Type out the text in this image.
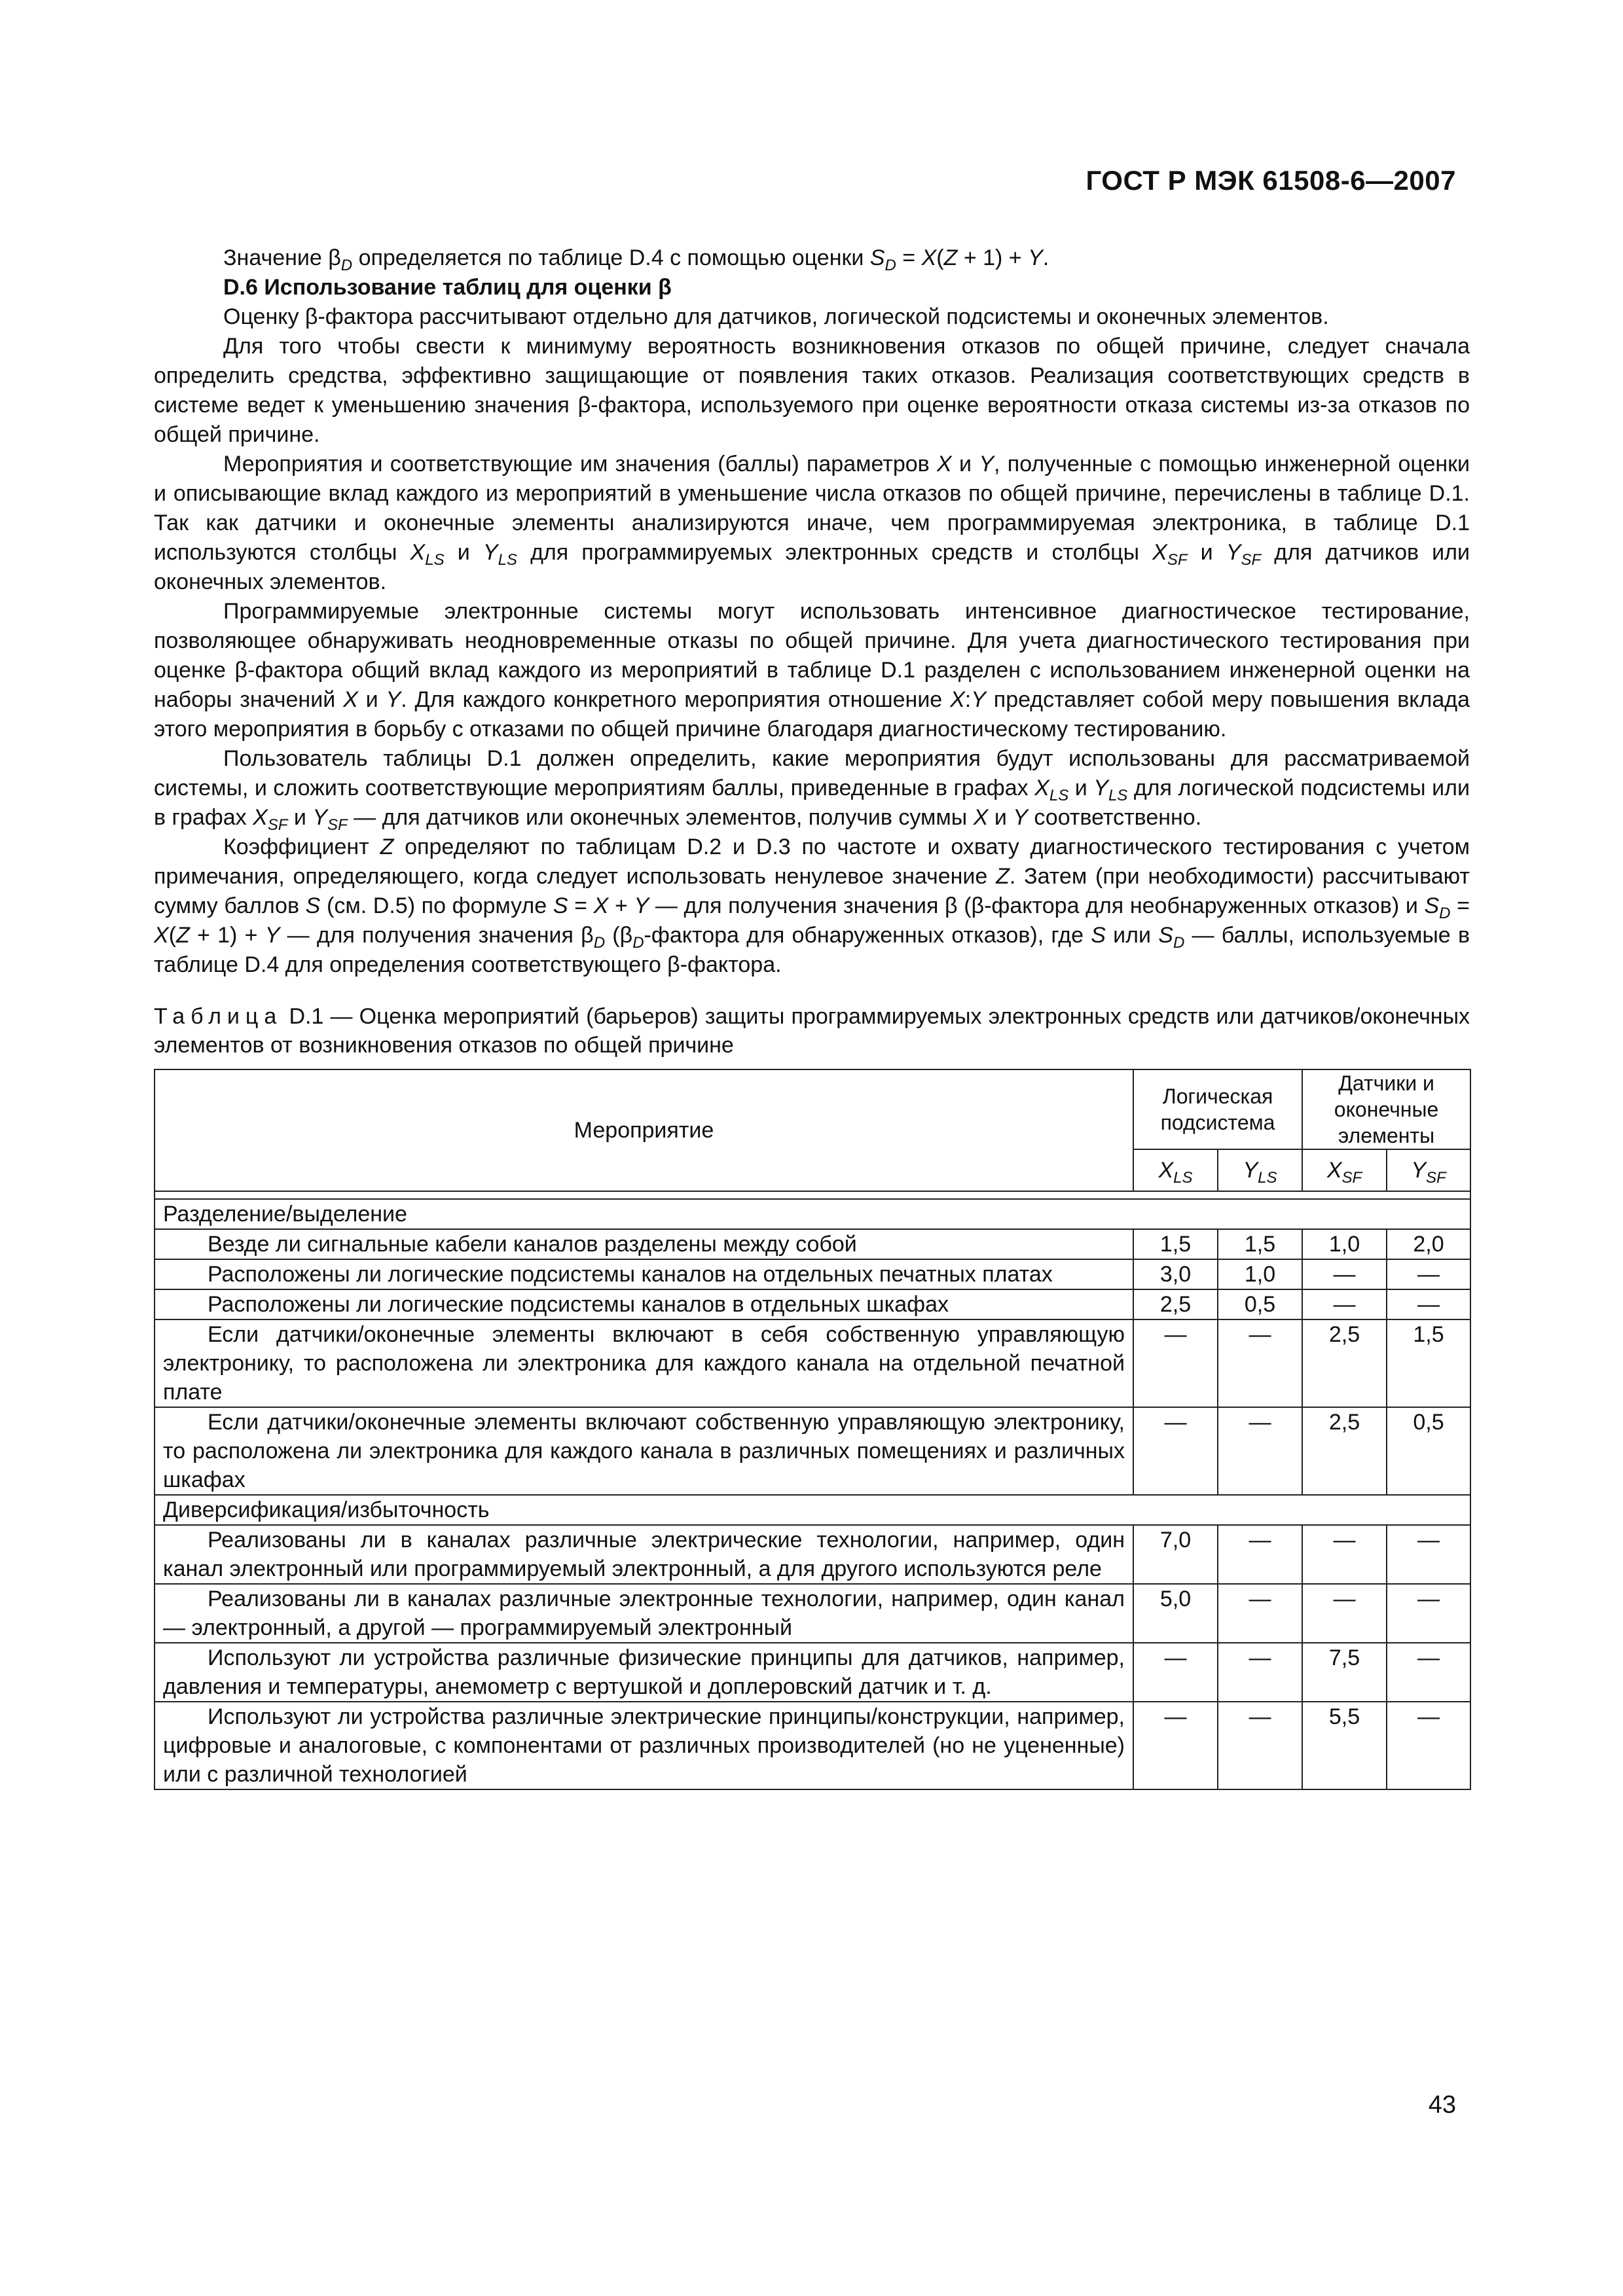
ГОСТ Р МЭК 61508-6—2007

Значение $\beta_D$ определяется по таблице D.4 с помощью оценки $S_D = X(Z + 1) + Y$.

D.6 Использование таблиц для оценки β

Оценку β-фактора рассчитывают отдельно для датчиков, логической подсистемы и оконечных элементов.

Для того чтобы свести к минимуму вероятность возникновения отказов по общей причине, следует сначала определить средства, эффективно защищающие от появления таких отказов. Реализация соответствующих средств в системе ведет к уменьшению значения β-фактора, используемого при оценке вероятности отказа системы из-за отказов по общей причине.

Мероприятия и соответствующие им значения (баллы) параметров X и Y, полученные с помощью инженерной оценки и описывающие вклад каждого из мероприятий в уменьшение числа отказов по общей причине, перечислены в таблице D.1. Так как датчики и оконечные элементы анализируются иначе, чем программируемая электроника, в таблице D.1 используются столбцы $X_{LS}$ и $Y_{LS}$ для программируемых электронных средств и столбцы $X_{SF}$ и $Y_{SF}$ для датчиков или оконечных элементов.

Программируемые электронные системы могут использовать интенсивное диагностическое тестирование, позволяющее обнаруживать неодновременные отказы по общей причине. Для учета диагностического тестирования при оценке β-фактора общий вклад каждого из мероприятий в таблице D.1 разделен с использованием инженерной оценки на наборы значений X и Y. Для каждого конкретного мероприятия отношение X:Y представляет собой меру повышения вклада этого мероприятия в борьбу с отказами по общей причине благодаря диагностическому тестированию.

Пользователь таблицы D.1 должен определить, какие мероприятия будут использованы для рассматриваемой системы, и сложить соответствующие мероприятиям баллы, приведенные в графах $X_{LS}$ и $Y_{LS}$ для логической подсистемы или в графах $X_{SF}$ и $Y_{SF}$ — для датчиков или оконечных элементов, получив суммы X и Y соответственно.

Коэффициент Z определяют по таблицам D.2 и D.3 по частоте и охвату диагностического тестирования с учетом примечания, определяющего, когда следует использовать ненулевое значение Z. Затем (при необходимости) рассчитывают сумму баллов S (см. D.5) по формуле S = X + Y — для получения значения β (β-фактора для необнаруженных отказов) и $S_D = X(Z + 1) + Y$ — для получения значения $\beta_D$ ($\beta_D$-фактора для обнаруженных отказов), где S или $S_D$ — баллы, используемые в таблице D.4 для определения соответствующего β-фактора.

Таблица D.1 — Оценка мероприятий (барьеров) защиты программируемых электронных средств или датчиков/оконечных элементов от возникновения отказов по общей причине
Мероприятие	Логическая подсистема		Датчики и оконечные элементы	
	$X_{LS}$	$Y_{LS}$	$X_{SF}$	$Y_{SF}$

Разделение/выделение				
Везде ли сигнальные кабели каналов разделены между собой	1,5	1,5	1,0	2,0
Расположены ли логические подсистемы каналов на отдельных печатных платах	3,0	1,0	—	—
Расположены ли логические подсистемы каналов в отдельных шкафах	2,5	0,5	—	—
Если датчики/оконечные элементы включают в себя собственную управляющую электронику, то расположена ли электроника для каждого канала на отдельной печатной плате	—	—	2,5	1,5
Если датчики/оконечные элементы включают собственную управляющую электронику, то расположена ли электроника для каждого канала в различных помещениях и различных шкафах	—	—	2,5	0,5
Диверсификация/избыточность				
Реализованы ли в каналах различные электрические технологии, например, один канал электронный или программируемый электронный, а для другого используются реле	7,0	—	—	—
Реализованы ли в каналах различные электронные технологии, например, один канал — электронный, а другой — программируемый электронный	5,0	—	—	—
Используют ли устройства различные физические принципы для датчиков, например, давления и температуры, анемометр с вертушкой и доплеровский датчик и т. д.	—	—	7,5	—
Используют ли устройства различные электрические принципы/конструкции, например, цифровые и аналоговые, с компонентами от различных производителей (но не уцененные) или с различной технологией	—	—	5,5	—
43
